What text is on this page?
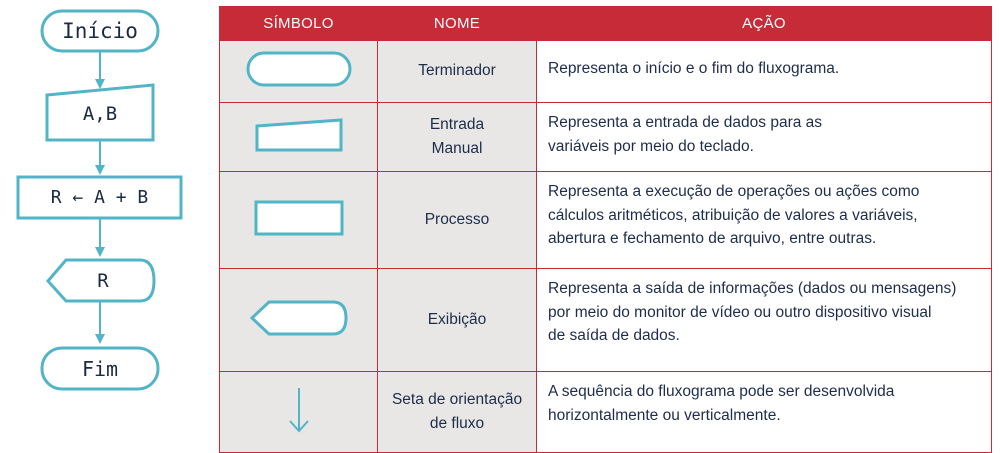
Início
A,B
R ← A + B
R
Fim
SÍMBOLO	NOME	AÇÃO

Terminador	Representa o início e o fim do fluxograma.

Entrada
Manual	Representa a entrada de dados para as
variáveis por meio do teclado.

Processo	Representa a execução de operações ou ações como
cálculos aritméticos, atribuição de valores a variáveis,
abertura e fechamento de arquivo, entre outras.

Exibição	Representa a saída de informações (dados ou mensagens)
por meio do monitor de vídeo ou outro dispositivo visual
de saída de dados.

Seta de orientação
de fluxo	A sequência do fluxograma pode ser desenvolvida
horizontalmente ou verticalmente.
